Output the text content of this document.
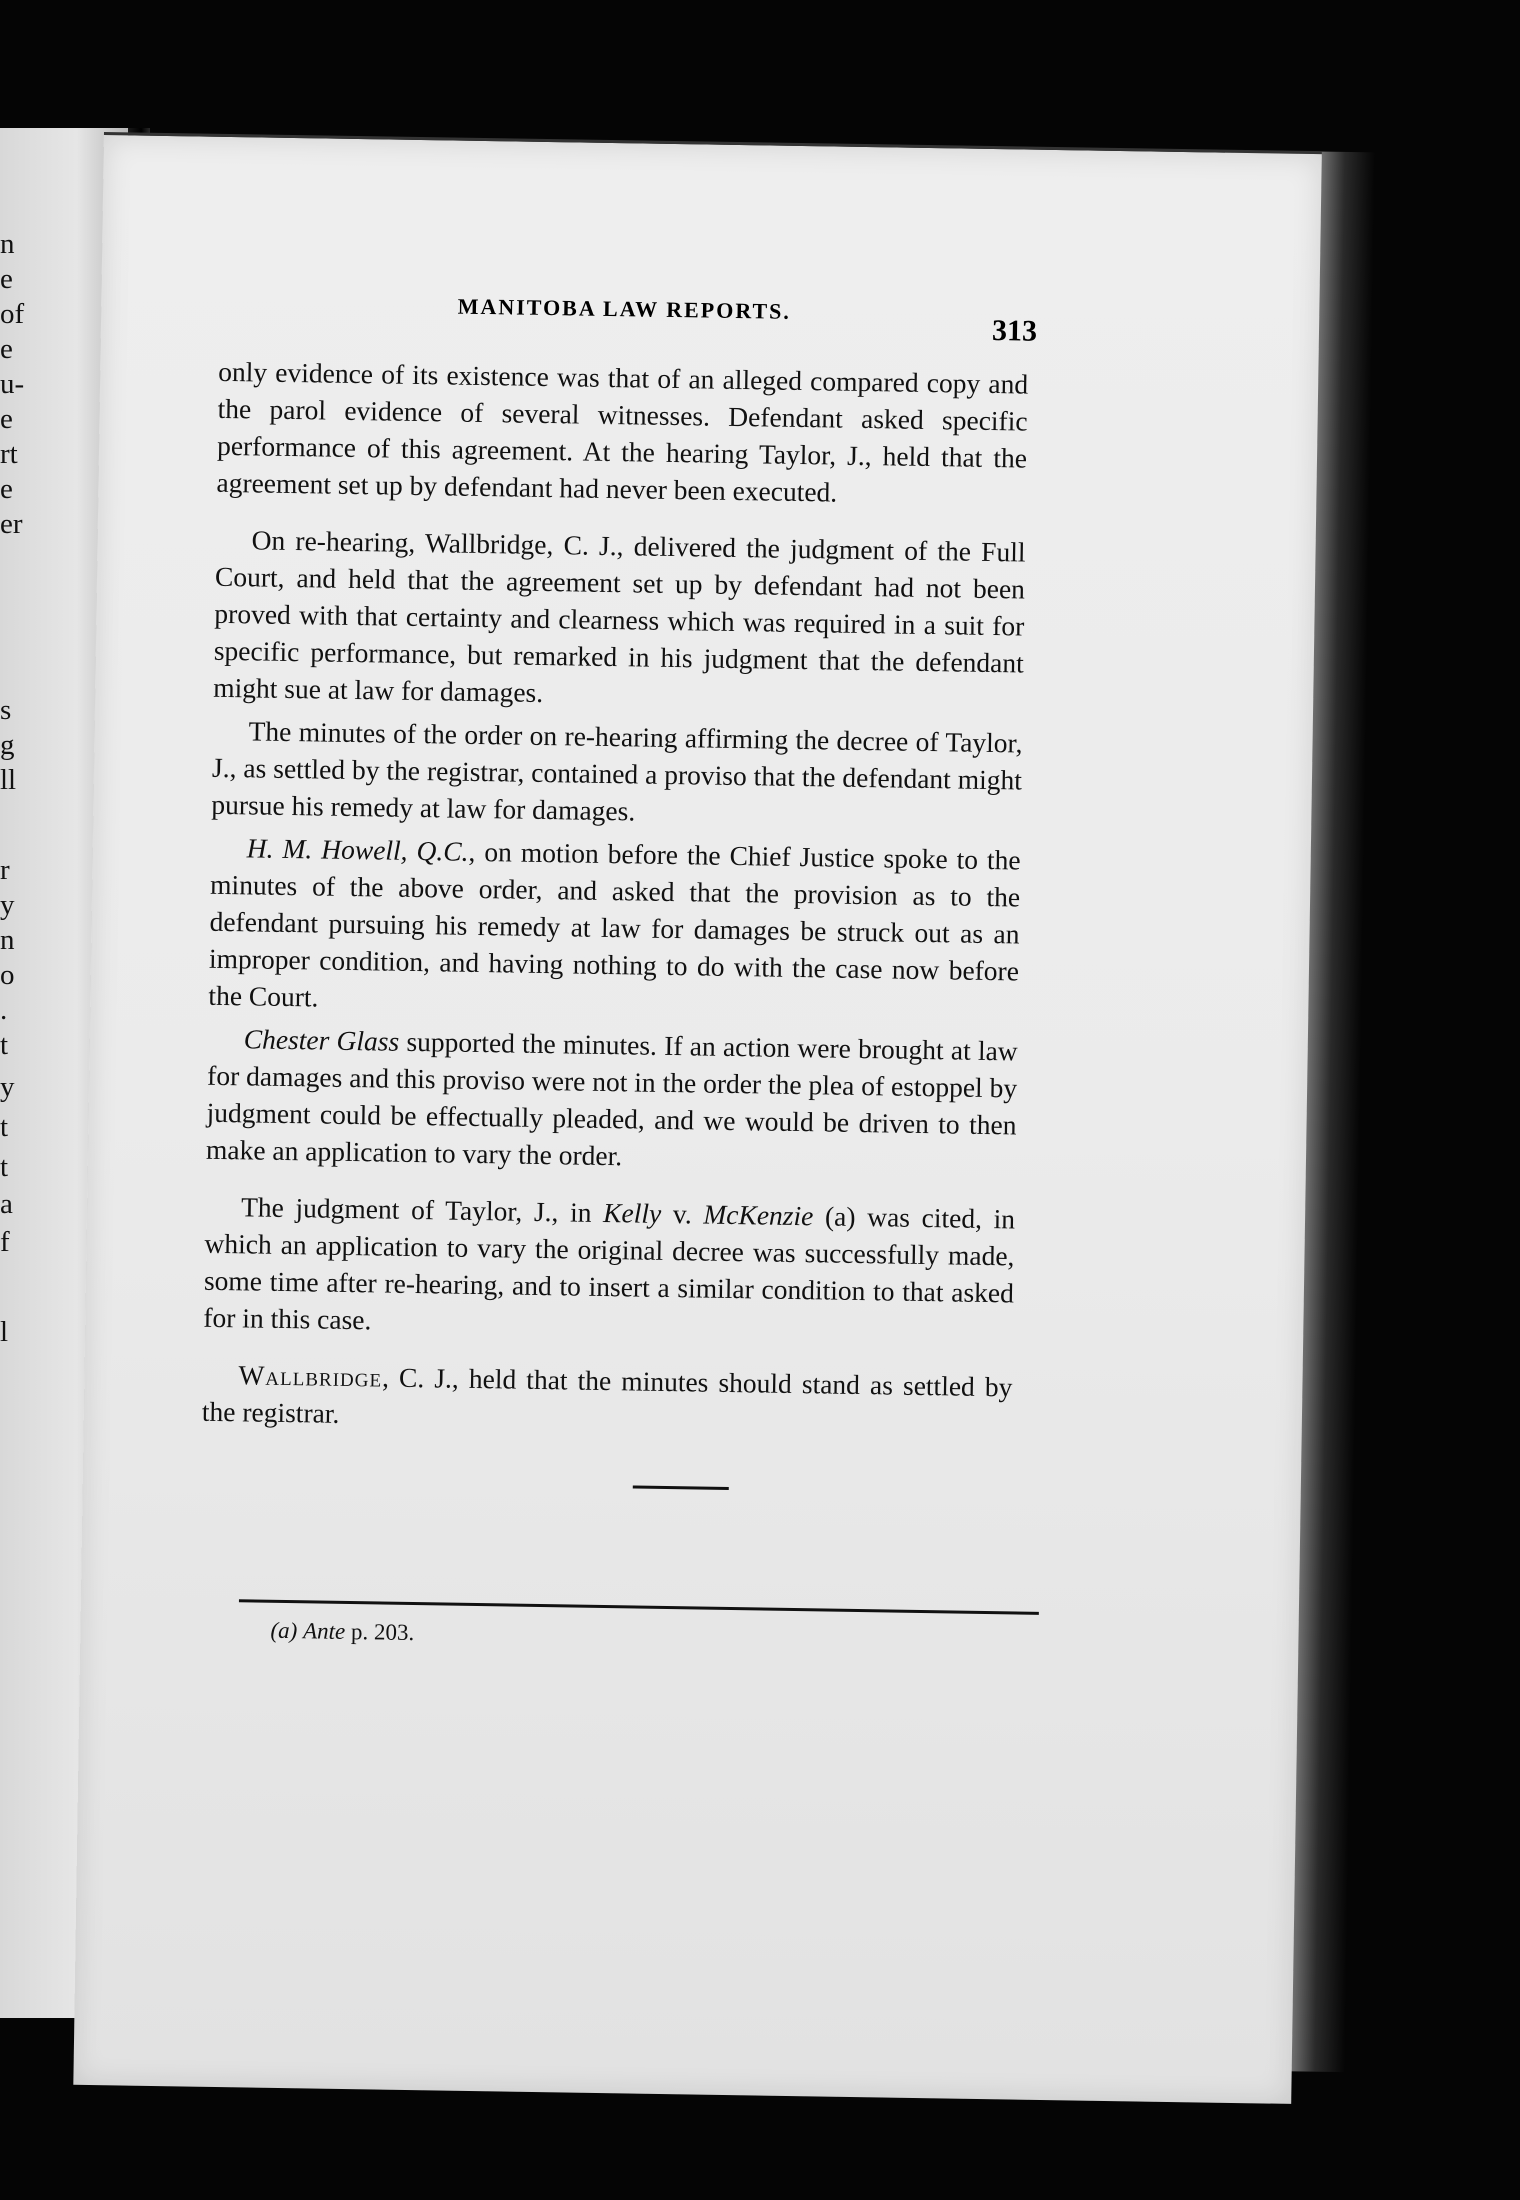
n
e
of
e
u-
e
rt
e
er
s
g
ll
r
y
n
o
.
t
y
t
t
a
f
l
MANITOBA LAW REPORTS.
313

only evidence of its existence was that of an alleged compared copy and the parol evidence of several witnesses. Defendant asked specific performance of this agreement. At the hearing Taylor, J., held that the agreement set up by defendant had never been executed.

On re-hearing, Wallbridge, C. J., delivered the judgment of the Full Court, and held that the agreement set up by defendant had not been proved with that certainty and clearness which was required in a suit for specific performance, but remarked in his judgment that the defendant might sue at law for damages.

The minutes of the order on re-hearing affirming the decree of Taylor, J., as settled by the registrar, contained a proviso that the defendant might pursue his remedy at law for damages.

H. M. Howell, Q.C., on motion before the Chief Justice spoke to the minutes of the above order, and asked that the provision as to the defendant pursuing his remedy at law for damages be struck out as an improper condition, and having nothing to do with the case now before the Court.

Chester Glass supported the minutes. If an action were brought at law for damages and this proviso were not in the order the plea of estoppel by judgment could be effectually pleaded, and we would be driven to then make an application to vary the order.

The judgment of Taylor, J., in Kelly v. McKenzie (a) was cited, in which an application to vary the original decree was successfully made, some time after re-hearing, and to insert a similar condition to that asked for in this case.

Wallbridge, C. J., held that the minutes should stand as settled by the registrar.

(a) Ante p. 203.
